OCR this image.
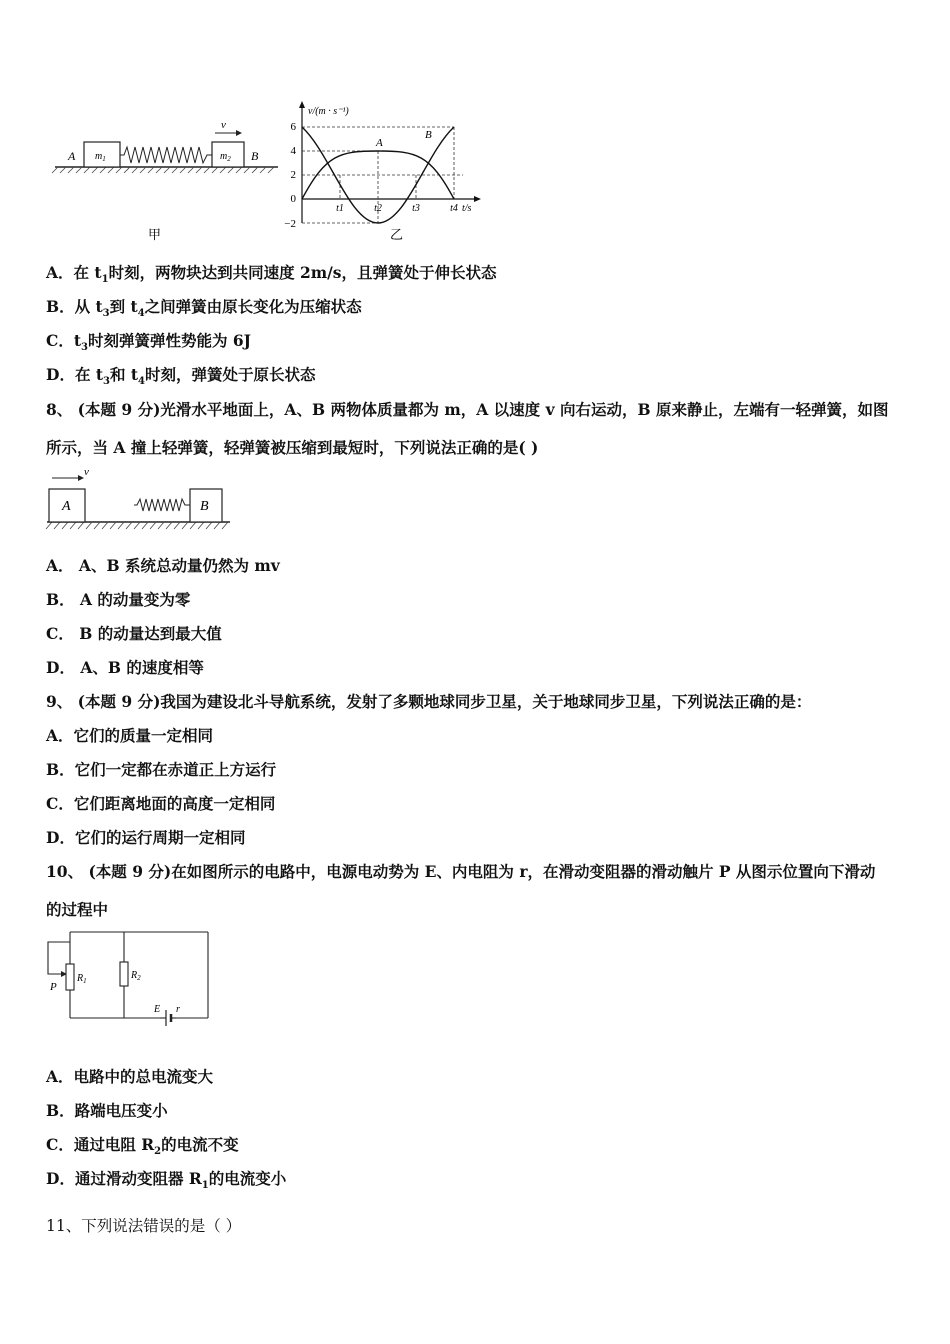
$m_1$	$m_2$
A	B
v
甲
v/(m · s⁻¹)
t/s
6
4
2
0
−2
A
B
t1	t2	t3	t4
乙
A．在 $t_1$时刻，两物块达到共同速度 2m/s，且弹簧处于伸长状态
B．从 $t_3$到 $t_4$之间弹簧由原长变化为压缩状态
C．$t_3$时刻弹簧弹性势能为 6J
D．在 $t_3$和 $t_4$时刻，弹簧处于原长状态
8、 (本题 9 分)光滑水平地面上，A、B 两物体质量都为 m，A 以速度 v 向右运动，B 原来静止，左端有一轻弹簧，如图
所示，当 A 撞上轻弹簧，轻弹簧被压缩到最短时，下列说法正确的是( )
A	B
v
A． A、B 系统总动量仍然为 mv
B． A 的动量变为零
C． B 的动量达到最大值
D． A、B 的速度相等
9、 (本题 9 分)我国为建设北斗导航系统，发射了多颗地球同步卫星，关于地球同步卫星，下列说法正确的是：
A．它们的质量一定相同
B．它们一定都在赤道正上方运行
C．它们距离地面的高度一定相同
D．它们的运行周期一定相同
10、 (本题 9 分)在如图所示的电路中，电源电动势为 E、内电阻为 r，在滑动变阻器的滑动触片 P 从图示位置向下滑动
的过程中
P
$R_1$	$R_2$
E r
A．电路中的总电流变大
B．路端电压变小
C．通过电阻 $R_2$的电流不变
D．通过滑动变阻器 $R_1$的电流变小
11、下列说法错误的是（ ）
